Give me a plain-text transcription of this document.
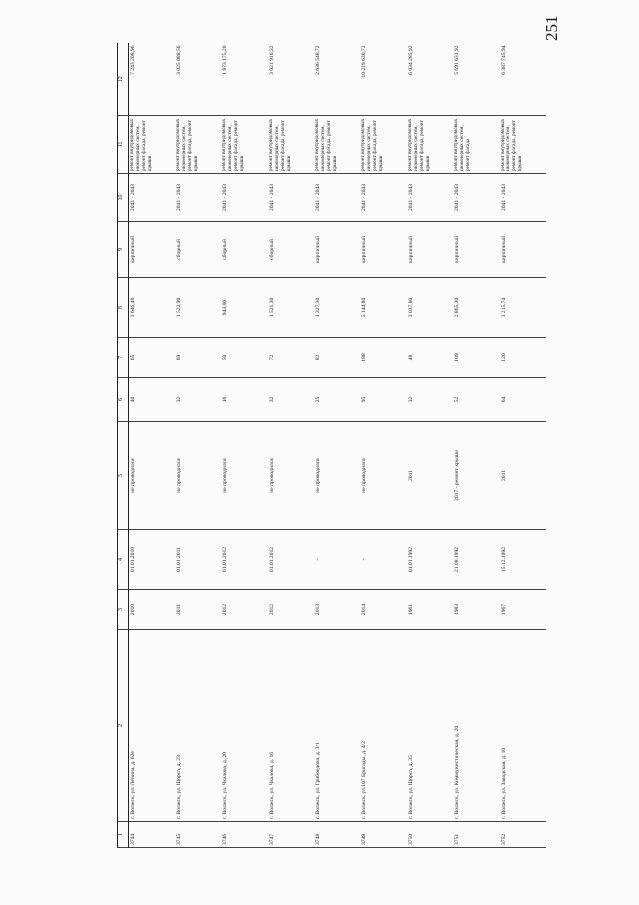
251
1	2	3	4	5	6	7	8	9	10	11	12
3744	г. Волжск, ул. Ленина, д. 62е	2010	01.01.2010	не проводился	40	65	3 646,40	кирпичный	2041 - 2043	ремонт внутридомовых инженерных систем, ремонт фасада, ремонт крыши	7 243 208,96
3745	г. Волжск, ул. Щорса, д. 23	2011	01.01.2011	не проводился	32	69	1 522,90	сборный	2041 - 2043	ремонт внутридомовых инженерных систем, ремонт фасада, ремонт крыши	3 025 088,56
3746	г. Волжск, ул. Чкалова, д. 20	2012	01.01.2012	не проводился	16	50	943,00	сборный	2041 - 2043	ремонт внутридомовых инженерных систем, ремонт фасада, ремонт крыши	1 873 175,20
3747	г. Волжск, ул. Чкалова, д. 16	2012	01.01.2012	не проводился	32	72	1 521,30	сборный	2041 - 2043	ремонт внутридомовых инженерных систем, ремонт фасада, ремонт крыши	3 021 916,32
3748	г. Волжск, ул. Грибоедова, д. 3/1	2013	-	не проводился	25	82	1 327,30	кирпичный	2041 - 2043	ремонт внутридомовых инженерных систем, ремонт фасада, ремонт крыши	2 636 548,72
3749	г. Волжск, ул.107 Бригады, д. 4/2	2014	-	не проводился	95	188	5 144,80	кирпичный	2041 - 2043	ремонт внутридомовых инженерных систем, ремонт фасада, ремонт крыши	10 219 630,72
3750	г. Волжск, ул. Щорса, д. 35	1961	01.01.1992	2011	32	48	3 037,80	кирпичный	2041 - 2043	ремонт внутридомовых инженерных систем, ремонт фасада, ремонт крыши	6 034 285,92
3751	г. Волжск, ул. Коммунистическая, д. 20	1983	21.08.1992	2017 - ремонт крыши	52	109	2 865,30	кирпичный	2041 - 2043	ремонт внутридомовых инженерных систем, ремонт фасада	5 691 631,92
3752	г. Волжск, ул. Заводская, д. 10	1967	15.12.1992	2011	64	120	3 215,74	кирпичный	2041 - 2043	ремонт внутридомовых инженерных систем, ремонт фасада, ремонт крыши	6 387 745,94
